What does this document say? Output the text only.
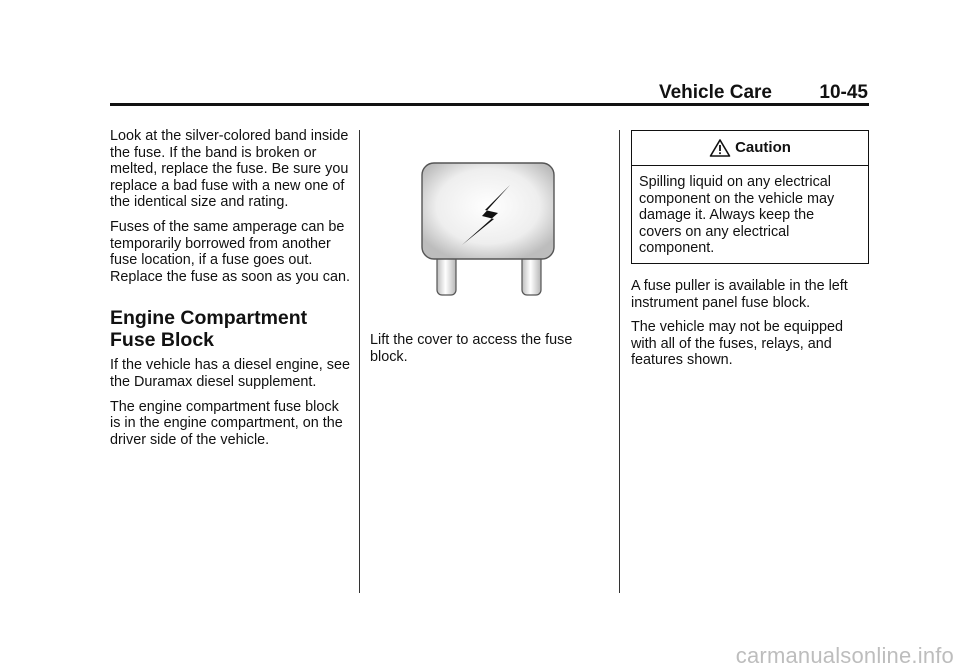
Vehicle Care 10-45

Look at the silver-colored band inside the fuse. If the band is broken or melted, replace the fuse. Be sure you replace a bad fuse with a new one of the identical size and rating.

Fuses of the same amperage can be temporarily borrowed from another fuse location, if a fuse goes out. Replace the fuse as soon as you can.

Engine Compartment Fuse Block

If the vehicle has a diesel engine, see the Duramax diesel supplement.

The engine compartment fuse block is in the engine compartment, on the driver side of the vehicle.

Lift the cover to access the fuse block.

Caution
Spilling liquid on any electrical component on the vehicle may damage it. Always keep the covers on any electrical component.

A fuse puller is available in the left instrument panel fuse block.

The vehicle may not be equipped with all of the fuses, relays, and features shown.

carmanualsonline.info
